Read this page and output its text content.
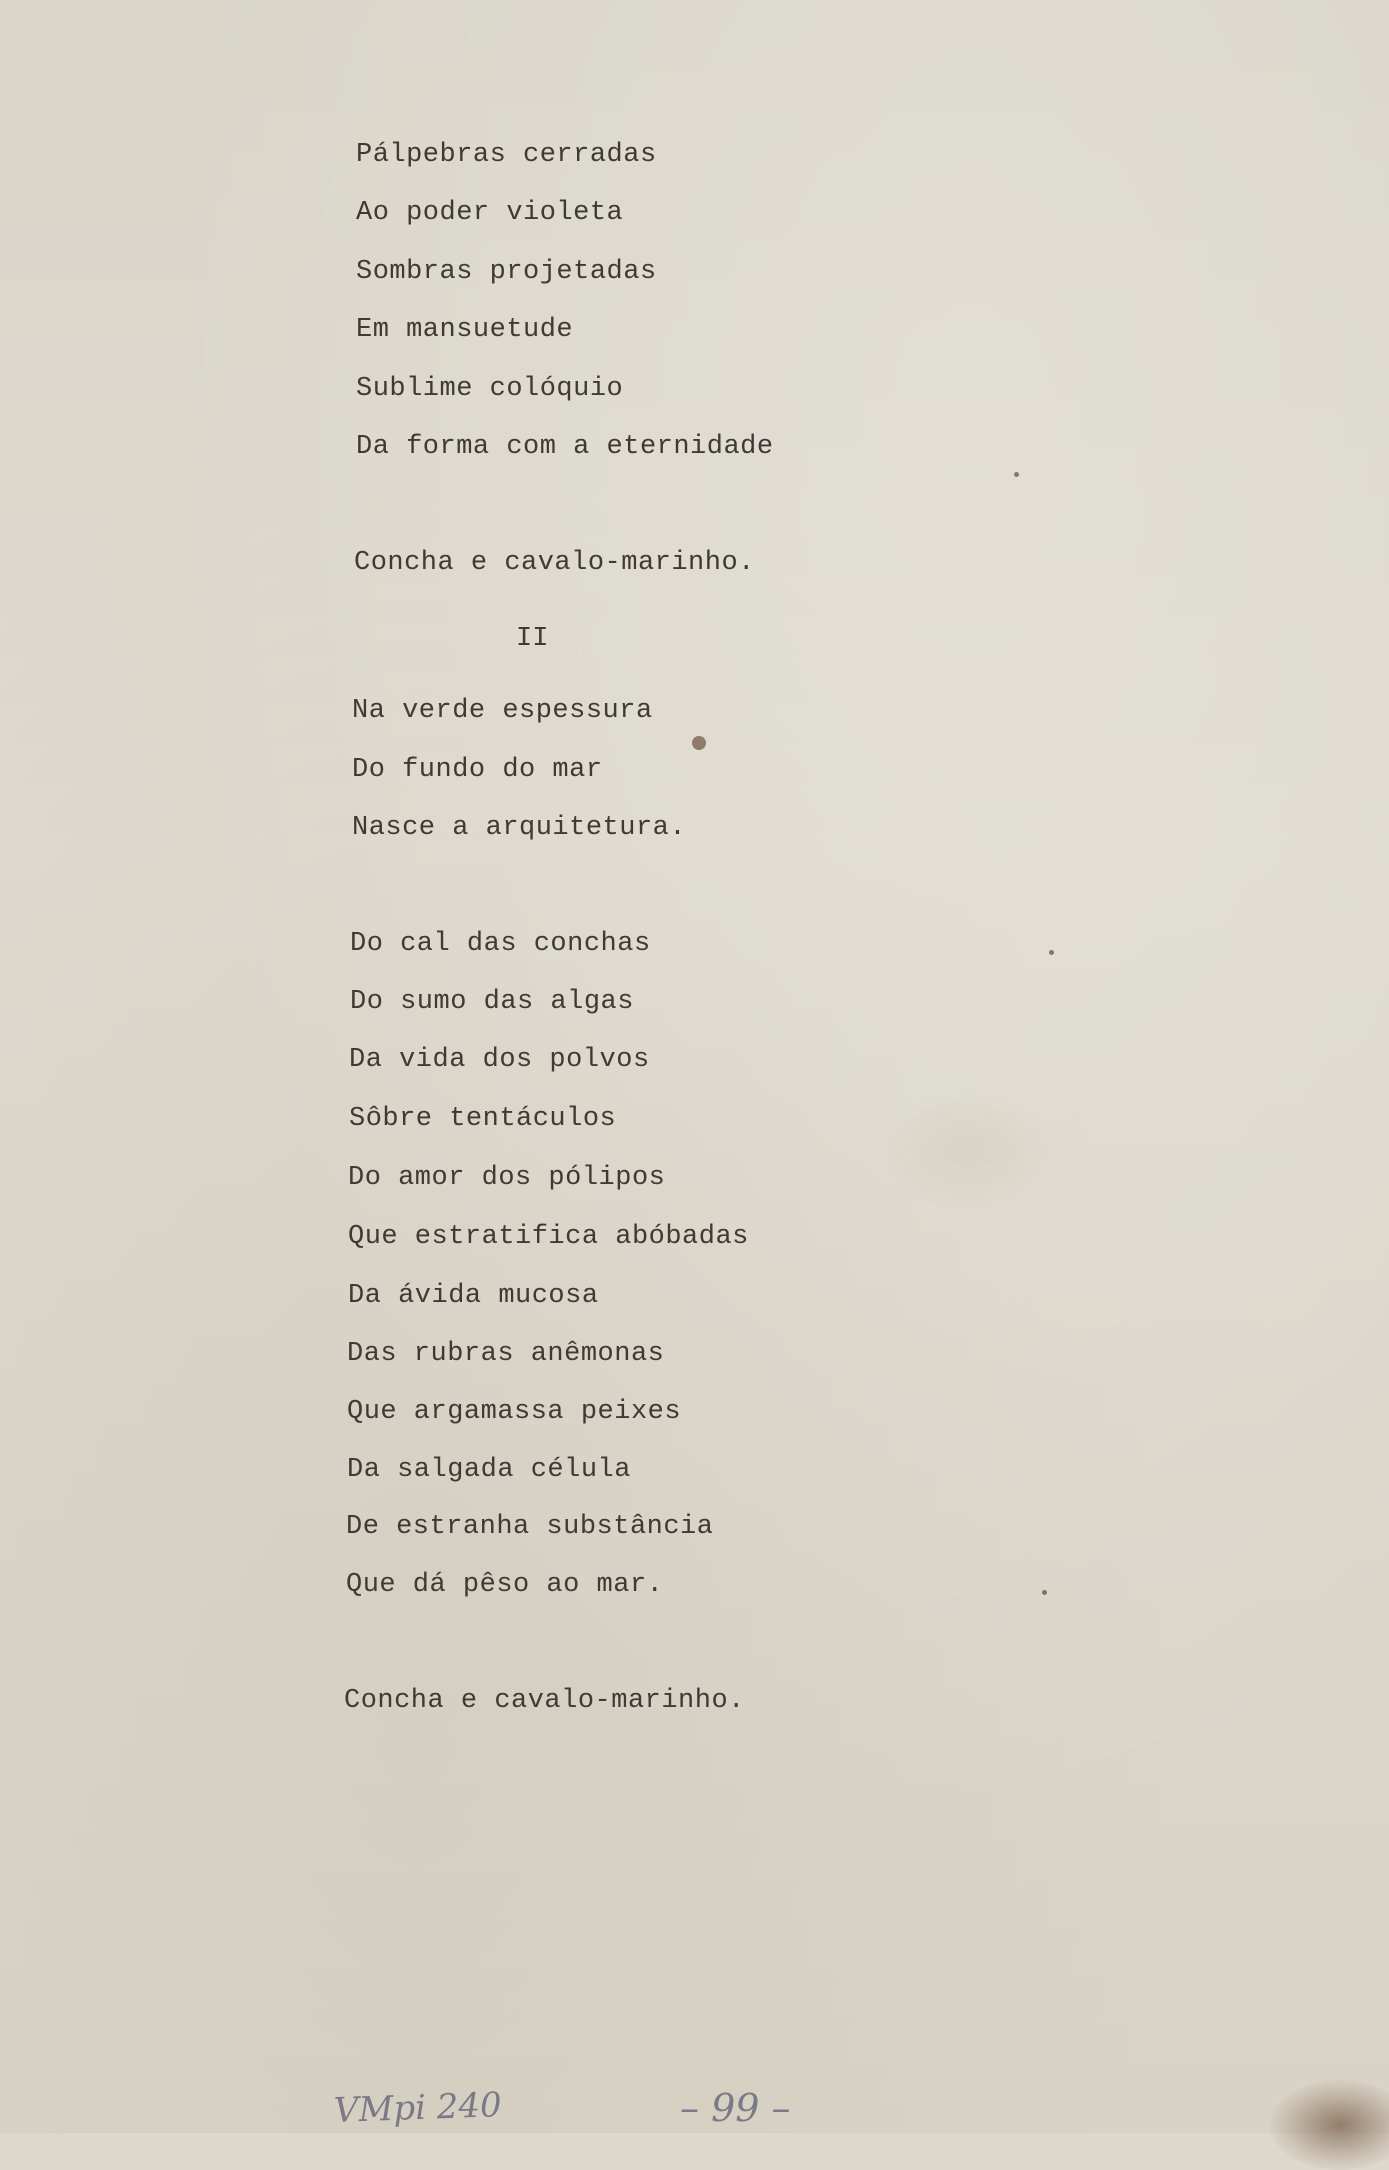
Pálpebras cerradas
Ao poder violeta
Sombras projetadas
Em mansuetude
Sublime colóquio
Da forma com a eternidade
Concha e cavalo-marinho.
II
Na verde espessura
Do fundo do mar
Nasce a arquitetura.
Do cal das conchas
Do sumo das algas
Da vida dos polvos
Sôbre tentáculos
Do amor dos pólipos
Que estratifica abóbadas
Da ávida mucosa
Das rubras anêmonas
Que argamassa peixes
Da salgada célula
De estranha substância
Que dá pêso ao mar.
Concha e cavalo-marinho.
VMpi 240	– 99 –
